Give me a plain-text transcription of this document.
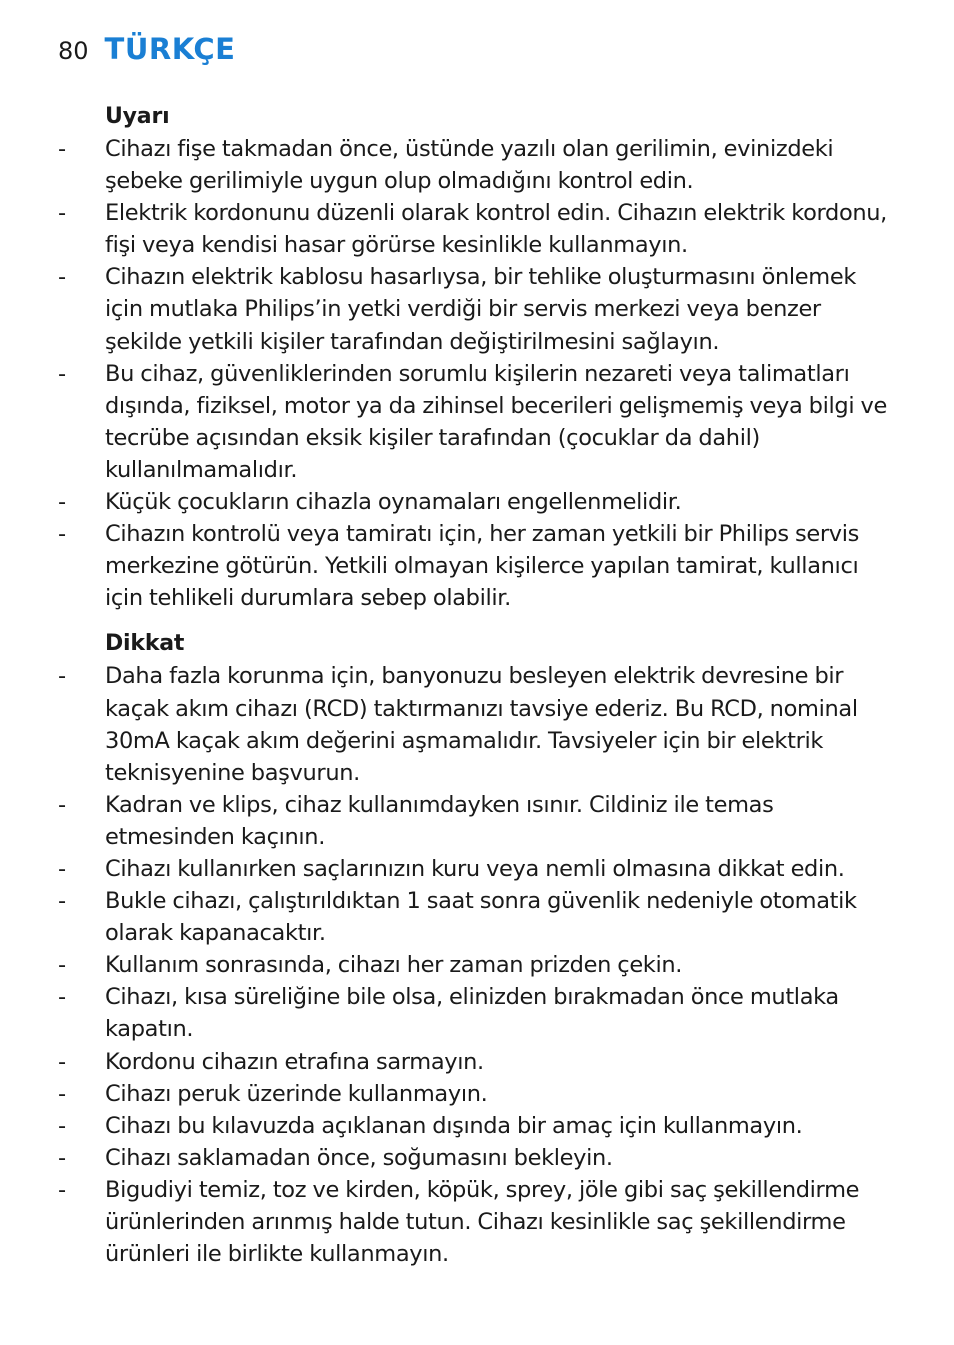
80 TÜRKÇE
Uyarı
- Cihazı fişe takmadan önce, üstünde yazılı olan gerilimin, evinizdeki şebeke gerilimiyle uygun olup olmadığını kontrol edin.
- Elektrik kordonunu düzenli olarak kontrol edin. Cihazın elektrik kordonu, fişi veya kendisi hasar görürse kesinlikle kullanmayın.
- Cihazın elektrik kablosu hasarlıysa, bir tehlike oluşturmasını önlemek için mutlaka Philips’in yetki verdiği bir servis merkezi veya benzer şekilde yetkili kişiler tarafından değiştirilmesini sağlayın.
- Bu cihaz, güvenliklerinden sorumlu kişilerin nezareti veya talimatları dışında, fiziksel, motor ya da zihinsel becerileri gelişmemiş veya bilgi ve tecrübe açısından eksik kişiler tarafından (çocuklar da dahil) kullanılmamalıdır.
- Küçük çocukların cihazla oynamaları engellenmelidir.
- Cihazın kontrolü veya tamiratı için, her zaman yetkili bir Philips servis merkezine götürün. Yetkili olmayan kişilerce yapılan tamirat, kullanıcı için tehlikeli durumlara sebep olabilir.
Dikkat
- Daha fazla korunma için, banyonuzu besleyen elektrik devresine bir kaçak akım cihazı (RCD) taktırmanızı tavsiye ederiz. Bu RCD, nominal 30mA kaçak akım değerini aşmamalıdır. Tavsiyeler için bir elektrik teknisyenine başvurun.
- Kadran ve klips, cihaz kullanımdayken ısınır. Cildiniz ile temas etmesinden kaçının.
- Cihazı kullanırken saçlarınızın kuru veya nemli olmasına dikkat edin.
- Bukle cihazı, çalıştırıldıktan 1 saat sonra güvenlik nedeniyle otomatik olarak kapanacaktır.
- Kullanım sonrasında, cihazı her zaman prizden çekin.
- Cihazı, kısa süreliğine bile olsa, elinizden bırakmadan önce mutlaka kapatın.
- Kordonu cihazın etrafına sarmayın.
- Cihazı peruk üzerinde kullanmayın.
- Cihazı bu kılavuzda açıklanan dışında bir amaç için kullanmayın.
- Cihazı saklamadan önce, soğumasını bekleyin.
- Bigudiyi temiz, toz ve kirden, köpük, sprey, jöle gibi saç şekillendirme ürünlerinden arınmış halde tutun. Cihazı kesinlikle saç şekillendirme ürünleri ile birlikte kullanmayın.
